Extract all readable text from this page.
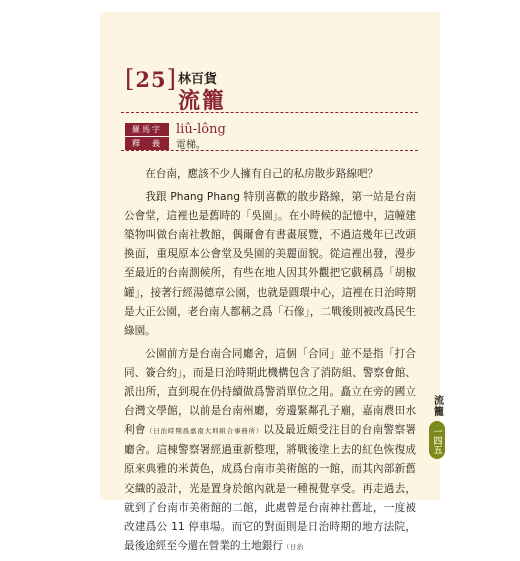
[25] 林百貨
流籠
羅馬字	liû-lông
釋　義	電梯。

在台南，應該不少人擁有自己的私房散步路線吧？

我跟 Phang Phang 特別喜歡的散步路線，第一站是台南公會堂，這裡也是舊時的「吳園」。在小時候的記憶中，這幢建築物叫做台南社教館，偶爾會有書畫展覽，不過這幾年已改頭換面，重現原本公會堂及吳園的美麗面貌。從這裡出發，漫步至最近的台南測候所，有些在地人因其外觀把它戲稱爲「胡椒罐」，接著行經湯德章公園，也就是圓環中心，這裡在日治時期是大正公園，老台南人都稱之爲「石像」，二戰後則被改爲民生綠園。

公園前方是台南合同廳舍，這個「合同」並不是指「打合同、簽合約」，而是日治時期此機構包含了消防組、警察會館、派出所，直到現在仍持續做爲警消單位之用。矗立在旁的國立台灣文學館，以前是台南州廳，旁邊緊鄰孔子廟，嘉南農田水利會（日治時期爲嘉南大圳組合事務所）以及最近頗受注目的台南警察署廳舍。這棟警察署經過重新整理，將戰後塗上去的紅色恢復成原來典雅的米黃色，成爲台南市美術館的一館，而其內部新舊交織的設計，光是置身於館內就是一種視覺享受。再走過去，就到了台南市美術館的二館，此處曾是台南神社舊址，一度被改建爲公 11 停車場。而它的對面則是日治時期的地方法院，最後途經至今還在營業的土地銀行（日治

流籠
一四五
